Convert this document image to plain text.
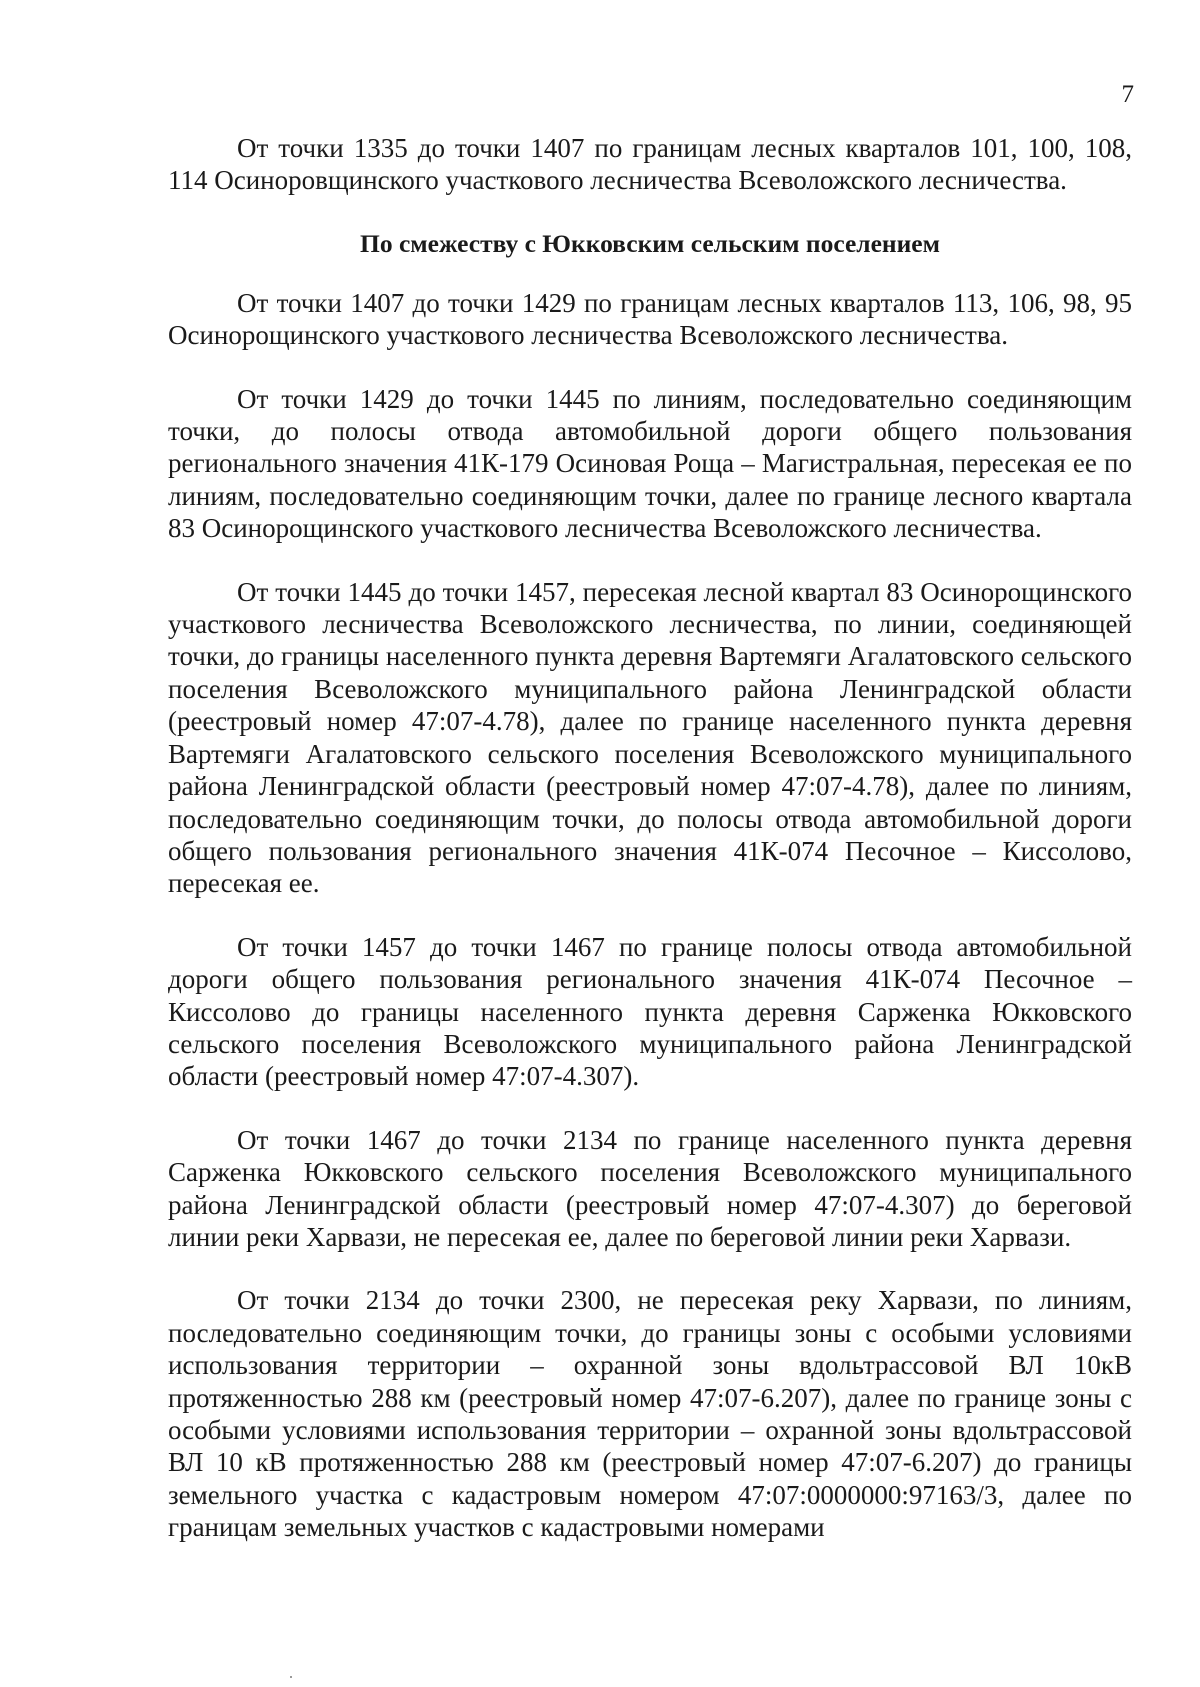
7

От точки 1335 до точки 1407 по границам лесных кварталов 101, 100, 108, 114 Осиноровщинского участкового лесничества Всеволожского лесничества.

По смежеству с Юкковским сельским поселением

От точки 1407 до точки 1429 по границам лесных кварталов 113, 106, 98, 95 Осинорощинского участкового лесничества Всеволожского лесничества.

От точки 1429 до точки 1445 по линиям, последовательно соединяющим точки, до полосы отвода автомобильной дороги общего пользования регионального значения 41К-179 Осиновая Роща – Магистральная, пересекая ее по линиям, последовательно соединяющим точки, далее по границе лесного квартала 83 Осинорощинского участкового лесничества Всеволожского лесничества.

От точки 1445 до точки 1457, пересекая лесной квартал 83 Осинорощинского участкового лесничества Всеволожского лесничества, по линии, соединяющей точки, до границы населенного пункта деревня Вартемяги Агалатовского сельского поселения Всеволожского муниципального района Ленинградской области (реестровый номер 47:07-4.78), далее по границе населенного пункта деревня Вартемяги Агалатовского сельского поселения Всеволожского муниципального района Ленинградской области (реестровый номер 47:07-4.78), далее по линиям, последовательно соединяющим точки, до полосы отвода автомобильной дороги общего пользования регионального значения 41К-074 Песочное – Киссолово, пересекая ее.

От точки 1457 до точки 1467 по границе полосы отвода автомобильной дороги общего пользования регионального значения 41К-074 Песочное – Киссолово до границы населенного пункта деревня Сарженка Юкковского сельского поселения Всеволожского муниципального района Ленинградской области (реестровый номер 47:07-4.307).

От точки 1467 до точки 2134 по границе населенного пункта деревня Сарженка Юкковского сельского поселения Всеволожского муниципального района Ленинградской области (реестровый номер 47:07-4.307) до береговой линии реки Харвази, не пересекая ее, далее по береговой линии реки Харвази.

От точки 2134 до точки 2300, не пересекая реку Харвази, по линиям, последовательно соединяющим точки, до границы зоны с особыми условиями использования территории – охранной зоны вдольтрассовой ВЛ 10кВ протяженностью 288 км (реестровый номер 47:07-6.207), далее по границе зоны с особыми условиями использования территории – охранной зоны вдольтрассовой ВЛ 10 кВ протяженностью 288 км (реестровый номер 47:07-6.207) до границы земельного участка с кадастровым номером 47:07:0000000:97163/3, далее по границам земельных участков с кадастровыми номерами
